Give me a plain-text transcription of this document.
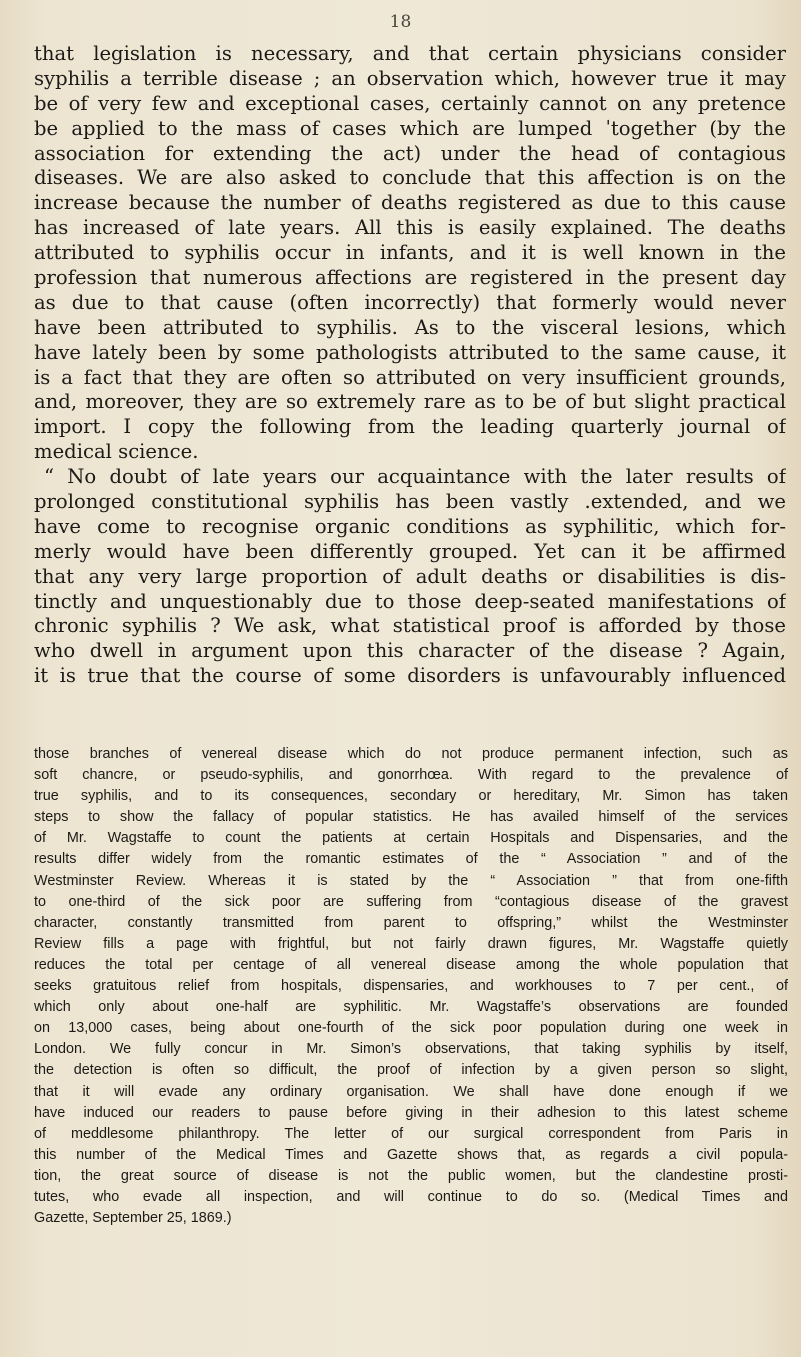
18
that legislation is necessary, and that certain physicians consider
syphilis a terrible disease ; an observation which, however true it may
be of very few and exceptional cases, certainly cannot on any pretence
be applied to the mass of cases which are lumped ˈtogether (by the
association for extending the act) under the head of contagious
diseases. We are also asked to conclude that this affection is on the
increase because the number of deaths registered as due to this cause
has increased of late years. All this is easily explained. The deaths
attributed to syphilis occur in infants, and it is well known in the
profession that numerous affections are registered in the present day
as due to that cause (often incorrectly) that formerly would never
have been attributed to syphilis. As to the visceral lesions, which
have lately been by some pathologists attributed to the same cause, it
is a fact that they are often so attributed on very insufficient grounds,
and, moreover, they are so extremely rare as to be of but slight practical
import. I copy the following from the leading quarterly journal of
medical science.
“ No doubt of late years our acquaintance with the later results of
prolonged constitutional syphilis has been vastly .extended, and we
have come to recognise organic conditions as syphilitic, which for-
merly would have been differently grouped. Yet can it be affirmed
that any very large proportion of adult deaths or disabilities is dis-
tinctly and unquestionably due to those deep-seated manifestations of
chronic syphilis ? We ask, what statistical proof is afforded by those
who dwell in argument upon this character of the disease ? Again,
it is true that the course of some disorders is unfavourably influenced
those branches of venereal disease which do not produce permanent infection, such as
soft chancre, or pseudo-syphilis, and gonorrhœa. With regard to the prevalence of
true syphilis, and to its consequences, secondary or hereditary, Mr. Simon has taken
steps to show the fallacy of popular statistics. He has availed himself of the services
of Mr. Wagstaffe to count the patients at certain Hospitals and Dispensaries, and the
results differ widely from the romantic estimates of the “ Association ” and of the
Westminster Review. Whereas it is stated by the “ Association ” that from one-fifth
to one-third of the sick poor are suffering from “contagious disease of the gravest
character, constantly transmitted from parent to offspring,” whilst the Westminster
Review fills a page with frightful, but not fairly drawn figures, Mr. Wagstaffe quietly
reduces the total per centage of all venereal disease among the whole population that
seeks gratuitous relief from hospitals, dispensaries, and workhouses to 7 per cent., of
which only about one-half are syphilitic. Mr. Wagstaffe’s observations are founded
on 13,000 cases, being about one-fourth of the sick poor population during one week in
London. We fully concur in Mr. Simon’s observations, that taking syphilis by itself,
the detection is often so difficult, the proof of infection by a given person so slight,
that it will evade any ordinary organisation. We shall have done enough if we
have induced our readers to pause before giving in their adhesion to this latest scheme
of meddlesome philanthropy. The letter of our surgical correspondent from Paris in
this number of the Medical Times and Gazette shows that, as regards a civil popula-
tion, the great source of disease is not the public women, but the clandestine prosti-
tutes, who evade all inspection, and will continue to do so. (Medical Times and
Gazette, September 25, 1869.)
